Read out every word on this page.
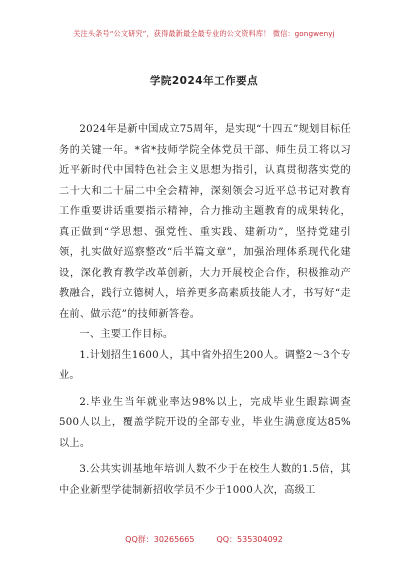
关注头条号“公文研究”，获得最新最全最专业的公文资料库！ 微信：gongwenyj
学院2024年工作要点

2024年是新中国成立75周年，是实现“十四五”规划目标任务的关键一年。*省*技师学院全体党员干部、师生员工将以习近平新时代中国特色社会主义思想为指引，认真贯彻落实党的二十大和二十届二中全会精神，深刻领会习近平总书记对教育工作重要讲话重要指示精神，合力推动主题教育的成果转化，真正做到“学思想、强党性、重实践、建新功”，坚持党建引领，扎实做好巡察整改“后半篇文章”，加强治理体系现代化建设，深化教育教学改革创新，大力开展校企合作，积极推动产教融合，践行立德树人，培养更多高素质技能人才，书写好“走在前、做示范”的技师新答卷。

一、主要工作目标。

1.计划招生1600人，其中省外招生200人。调整2～3个专业。

2.毕业生当年就业率达98%以上，完成毕业生跟踪调查500人以上，覆盖学院开设的全部专业，毕业生满意度达85%以上。

3.公共实训基地年培训人数不少于在校生人数的1.5倍，其中企业新型学徒制新招收学员不少于1000人次，高级工

QQ群：30265665	QQ：535304092
